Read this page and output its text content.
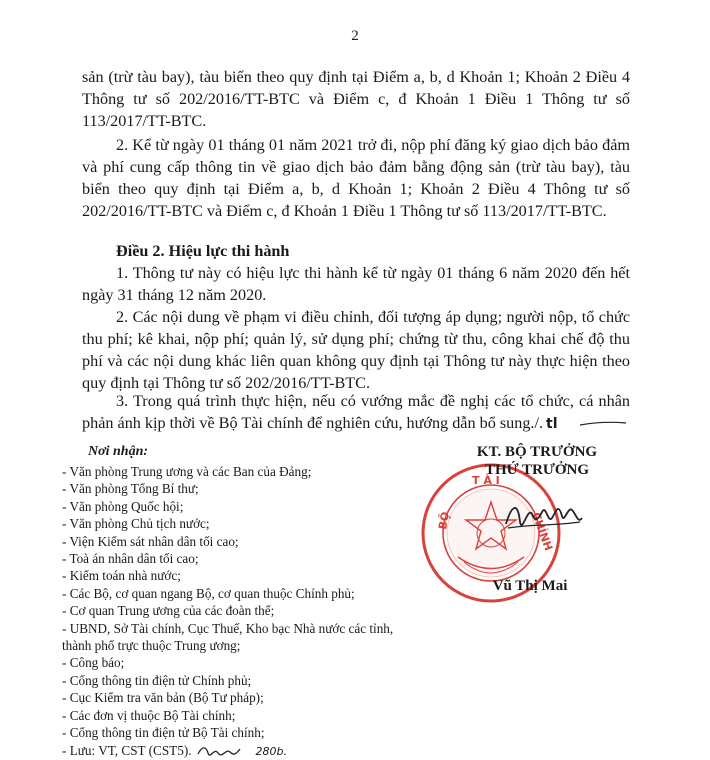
2
sản (trừ tàu bay), tàu biển theo quy định tại Điểm a, b, d Khoản 1; Khoản 2 Điều 4 Thông tư số 202/2016/TT-BTC và Điểm c, đ Khoản 1 Điều 1 Thông tư số 113/2017/TT-BTC.
2. Kể từ ngày 01 tháng 01 năm 2021 trở đi, nộp phí đăng ký giao dịch bảo đảm và phí cung cấp thông tin về giao dịch bảo đảm bằng động sản (trừ tàu bay), tàu biển theo quy định tại Điểm a, b, d Khoản 1; Khoản 2 Điều 4 Thông tư số 202/2016/TT-BTC và Điểm c, đ Khoản 1 Điều 1 Thông tư số 113/2017/TT-BTC.
Điều 2. Hiệu lực thi hành
1. Thông tư này có hiệu lực thi hành kể từ ngày 01 tháng 6 năm 2020 đến hết ngày 31 tháng 12 năm 2020.
2. Các nội dung về phạm vi điều chỉnh, đối tượng áp dụng; người nộp, tổ chức thu phí; kê khai, nộp phí; quản lý, sử dụng phí; chứng từ thu, công khai chế độ thu phí và các nội dung khác liên quan không quy định tại Thông tư này thực hiện theo quy định tại Thông tư số 202/2016/TT-BTC.
3. Trong quá trình thực hiện, nếu có vướng mắc đề nghị các tổ chức, cá nhân phản ánh kịp thời về Bộ Tài chính để nghiên cứu, hướng dẫn bổ sung./. tl
Nơi nhận:
- Văn phòng Trung ương và các Ban của Đảng;
- Văn phòng Tổng Bí thư;
- Văn phòng Quốc hội;
- Văn phòng Chủ tịch nước;
- Viện Kiểm sát nhân dân tối cao;
- Toà án nhân dân tối cao;
- Kiểm toán nhà nước;
- Các Bộ, cơ quan ngang Bộ, cơ quan thuộc Chính phủ;
- Cơ quan Trung ương của các đoàn thể;
- UBND, Sở Tài chính, Cục Thuế, Kho bạc Nhà nước các tỉnh, thành phố trực thuộc Trung ương;
- Công báo;
- Cổng thông tin điện tử Chính phủ;
- Cục Kiểm tra văn bản (Bộ Tư pháp);
- Các đơn vị thuộc Bộ Tài chính;
- Cổng thông tin điện tử Bộ Tài chính;
- Lưu: VT, CST (CST5).	280b.
BỘ
T À I
CHÍNH
KT. BỘ TRƯỞNG
THỨ TRƯỞNG
Vũ Thị Mai
